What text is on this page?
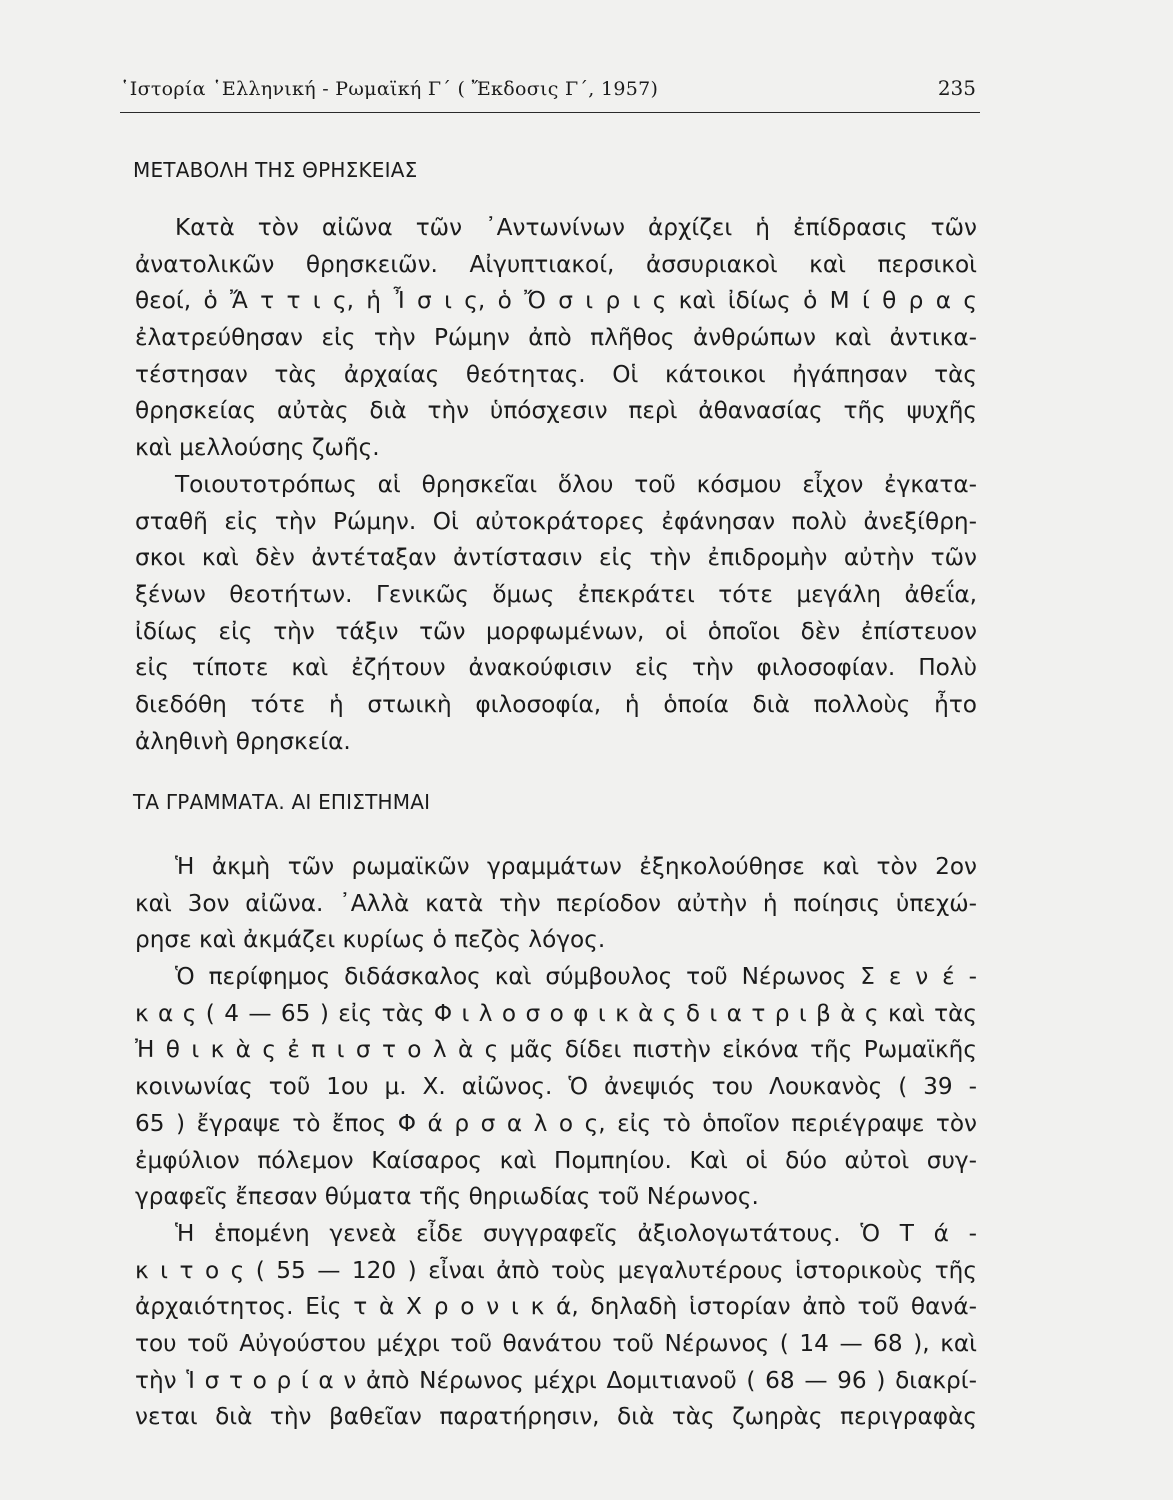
῾Ιστορία ῾Ελληνική - Ρωμαϊκή Γ΄ ( Ἔκδοσις Γ΄, 1957)	235
ΜΕΤΑΒΟΛΗ ΤΗΣ ΘΡΗΣΚΕΙΑΣ
Κατὰ τὸν αἰῶνα τῶν ᾿Αντωνίνων ἀρχίζει ἡ ἐπίδρασις τῶν
ἀνατολικῶν θρησκειῶν. Αἰγυπτιακοί, ἀσσυριακοὶ καὶ περσικοὶ
θεοί, ὁ Ἄ τ τ ι ς, ἡ Ἶ σ ι ς, ὁ Ὄ σ ι ρ ι ς καὶ ἰδίως ὁ Μ ί θ ρ α ς
ἐλατρεύθησαν εἰς τὴν Ρώμην ἀπὸ πλῆθος ἀνθρώπων καὶ ἀντικα-
τέστησαν τὰς ἀρχαίας θεότητας. Οἱ κάτοικοι ἠγάπησαν τὰς
θρησκείας αὐτὰς διὰ τὴν ὑπόσχεσιν περὶ ἀθανασίας τῆς ψυχῆς
καὶ μελλούσης ζωῆς.
Τοιουτοτρόπως αἱ θρησκεῖαι ὅλου τοῦ κόσμου εἶχον ἐγκατα-
σταθῆ εἰς τὴν Ρώμην. Οἱ αὐτοκράτορες ἐφάνησαν πολὺ ἀνεξίθρη-
σκοι καὶ δὲν ἀντέταξαν ἀντίστασιν εἰς τὴν ἐπιδρομὴν αὐτὴν τῶν
ξένων θεοτήτων. Γενικῶς ὅμως ἐπεκράτει τότε μεγάλη ἀθεΐα,
ἰδίως εἰς τὴν τάξιν τῶν μορφωμένων, οἱ ὁποῖοι δὲν ἐπίστευον
εἰς τίποτε καὶ ἐζήτουν ἀνακούφισιν εἰς τὴν φιλοσοφίαν. Πολὺ
διεδόθη τότε ἡ στωικὴ φιλοσοφία, ἡ ὁποία διὰ πολλοὺς ἦτο
ἀληθινὴ θρησκεία.
ΤΑ ΓΡΑΜΜΑΤΑ. ΑΙ ΕΠΙΣΤΗΜΑΙ
Ἡ ἀκμὴ τῶν ρωμαϊκῶν γραμμάτων ἐξηκολούθησε καὶ τὸν 2ον
καὶ 3ον αἰῶνα. ᾿Αλλὰ κατὰ τὴν περίοδον αὐτὴν ἡ ποίησις ὑπεχώ-
ρησε καὶ ἀκμάζει κυρίως ὁ πεζὸς λόγος.
Ὁ περίφημος διδάσκαλος καὶ σύμβουλος τοῦ Νέρωνος Σ ε ν έ -
κ α ς ( 4 — 65 ) εἰς τὰς Φ ι λ ο σ ο φ ι κ ὰ ς δ ι α τ ρ ι β ὰ ς καὶ τὰς
Ἠ θ ι κ ὰ ς ἐ π ι σ τ ο λ ὰ ς μᾶς δίδει πιστὴν εἰκόνα τῆς Ρωμαϊκῆς
κοινωνίας τοῦ 1ου μ. Χ. αἰῶνος. Ὁ ἀνεψιός του Λουκανὸς ( 39 -
65 ) ἔγραψε τὸ ἔπος Φ ά ρ σ α λ ο ς, εἰς τὸ ὁποῖον περιέγραψε τὸν
ἐμφύλιον πόλεμον Καίσαρος καὶ Πομπηίου. Καὶ οἱ δύο αὐτοὶ συγ-
γραφεῖς ἔπεσαν θύματα τῆς θηριωδίας τοῦ Νέρωνος.
Ἡ ἑπομένη γενεὰ εἶδε συγγραφεῖς ἀξιολογωτάτους. Ὁ Τ ά -
κ ι τ ο ς ( 55 — 120 ) εἶναι ἀπὸ τοὺς μεγαλυτέρους ἱστορικοὺς τῆς
ἀρχαιότητος. Εἰς τ ὰ Χ ρ ο ν ι κ ά, δηλαδὴ ἱστορίαν ἀπὸ τοῦ θανά-
του τοῦ Αὐγούστου μέχρι τοῦ θανάτου τοῦ Νέρωνος ( 14 — 68 ), καὶ
τὴν Ἱ σ τ ο ρ ί α ν ἀπὸ Νέρωνος μέχρι Δομιτιανοῦ ( 68 — 96 ) διακρί-
νεται διὰ τὴν βαθεῖαν παρατήρησιν, διὰ τὰς ζωηρὰς περιγραφὰς
